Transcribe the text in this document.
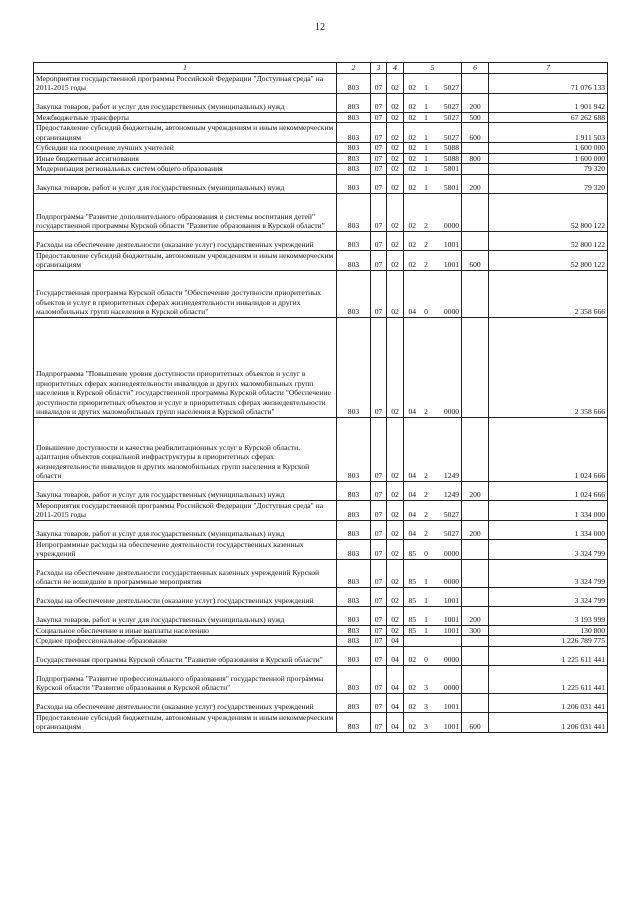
12
1	2	3	4	5			6	7
Мероприятия государственной программы Российской Федерации "Доступная среда" на 2011-2015 годы	803	07	02	02	1	5027		71 076 133
Закупка товаров, работ и услуг для государственных (муниципальных) нужд	803	07	02	02	1	5027	200	1 901 942
Межбюджетные трансферты	803	07	02	02	1	5027	500	67 262 688
Предоставление субсидий бюджетным, автономным учреждениям и иным некоммерческим организациям	803	07	02	02	1	5027	600	1 911 503
Субсидии на поощрение лучших учителей	803	07	02	02	1	5088		1 600 000
Иные бюджетные ассигнования	803	07	02	02	1	5088	800	1 600 000
Модернизация региональных систем общего образования	803	07	02	02	1	5801		79 320
Закупка товаров, работ и услуг для государственных (муниципальных) нужд	803	07	02	02	1	5801	200	79 320
Подпрограмма "Развитие дополнительного образования и системы воспитания детей" государственной программы Курской области "Развитие образования в Курской области"	803	07	02	02	2	0000		52 800 122
Расходы на обеспечение деятельности (оказание услуг) государственных учреждений	803	07	02	02	2	1001		52 800 122
Предоставление субсидий бюджетным, автономным учреждениям и иным некоммерческим организациям	803	07	02	02	2	1001	600	52 800 122
Государственная программа Курской области "Обеспечение доступности приоритетных объектов и услуг в приоритетных сферах жизнедеятельности инвалидов и других маломобильных групп населения в Курской области"	803	07	02	04	0	0000		2 358 666
Подпрограмма "Повышение уровня доступности приоритетных объектов и услуг в приоритетных сферах жизнедеятельности инвалидов и других маломобильных групп населения в Курской области" государственной программы Курской области "Обеспечение доступности приоритетных объектов и услуг в приоритетных сферах жизнедеятельности инвалидов и других маломобильных групп населения в Курской области"	803	07	02	04	2	0000		2 358 666
Повышение доступности и качества реабилитационных услуг в Курской области, адаптация объектов социальной инфраструктуры в приоритетных сферах жизнедеятельности инвалидов и других маломобильных групп населения в Курской области	803	07	02	04	2	1249		1 024 666
Закупка товаров, работ и услуг для государственных (муниципальных) нужд	803	07	02	04	2	1249	200	1 024 666
Мероприятия государственной программы Российской Федерации "Доступная среда" на 2011-2015 годы	803	07	02	04	2	5027		1 334 000
Закупка товаров, работ и услуг для государственных (муниципальных) нужд	803	07	02	04	2	5027	200	1 334 000
Непрограммные расходы на обеспечение деятельности государственных казенных учреждений	803	07	02	85	0	0000		3 324 799
Расходы на обеспечение деятельности государственных казенных учреждений Курской области не вошедшие в программные мероприятия	803	07	02	85	1	0000		3 324 799
Расходы на обеспечение деятельности (оказание услуг) государственных учреждений	803	07	02	85	1	1001		3 324 799
Закупка товаров, работ и услуг для государственных (муниципальных) нужд	803	07	02	85	1	1001	200	3 193 999
Социальное обеспечение и иные выплаты населению	803	07	02	85	1	1001	300	130 800
Среднее профессиональное образование	803	07	04					1 226 789 775
Государственная программа Курской области "Развитие образования в Курской области"	803	07	04	02	0	0000		1 225 611 441
Подпрограмма "Развитие профессионального образования" государственной программы Курской области "Развитие образования в Курской области"	803	07	04	02	3	0000		1 225 611 441
Расходы на обеспечение деятельности (оказание услуг) государственных учреждений	803	07	04	02	3	1001		1 206 031 441
Предоставление субсидий бюджетным, автономным учреждениям и иным некоммерческим организациям	803	07	04	02	3	1001	600	1 206 031 441
